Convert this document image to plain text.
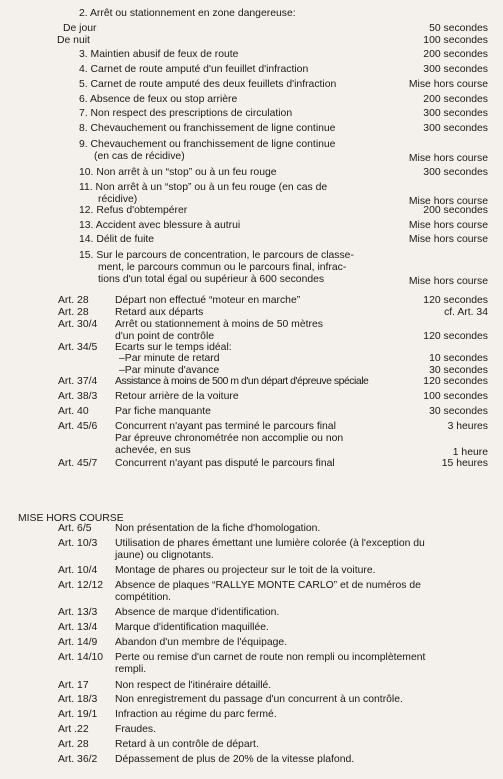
2. Arrêt ou stationnement en zone dangereuse:
De jour	50 secondes
De nuit	100 secondes
3. Maintien abusif de feux de route	200 secondes
4. Carnet de route amputé d'un feuillet d'infraction	300 secondes
5. Carnet de route amputé des deux feuillets d'infraction	Mise hors course
6. Absence de feux ou stop arrière	200 secondes
7. Non respect des prescriptions de circulation	300 secondes
8. Chevauchement ou franchissement de ligne continue	300 secondes
9. Chevauchement ou franchissement de ligne continue
(en cas de récidive)	Mise hors course
10. Non arrêt à un “stop” ou à un feu rouge	300 secondes
11. Non arrêt à un “stop” ou à un feu rouge (en cas de
récidive)	Mise hors course
12. Refus d'obtempérer	200 secondes
13. Accident avec blessure à autrui	Mise hors course
14. Délit de fuite	Mise hors course
15. Sur le parcours de concentration, le parcours de classe-
ment, le parcours commun ou le parcours final, infrac-
tions d'un total égal ou supérieur à 600 secondes	Mise hors course
Art. 28	Départ non effectué “moteur en marche”	120 secondes
Art. 28	Retard aux départs	cf. Art. 34
Art. 30/4 Arrêt ou stationnement à moins de 50 mètres
d'un point de contrôle	120 secondes
Art. 34/5 Ecarts sur le temps idéal:
–Par minute de retard	10 secondes
–Par minute d'avance	30 secondes
Art. 37/4 Assistance à moins de 500 m d'un départ d'épreuve spéciale	120 secondes
Art. 38/3 Retour arrière de la voiture	100 secondes
Art. 40	Par fiche manquante	30 secondes
Art. 45/6 Concurrent n'ayant pas terminé le parcours final	3 heures
Par épreuve chronométrée non accomplie ou non
achevée, en sus	1 heure
Art. 45/7 Concurrent n'ayant pas disputé le parcours final	15 heures
MISE HORS COURSE
Art. 6/5 Non présentation de la fiche d'homologation.
Art. 10/3 Utilisation de phares émettant une lumière colorée (à l'exception du
jaune) ou clignotants.
Art. 10/4 Montage de phares ou projecteur sur le toit de la voiture.
Art. 12/12 Absence de plaques “RALLYE MONTE CARLO” et de numéros de
compétition.
Art. 13/3 Absence de marque d'identification.
Art. 13/4 Marque d'identification maquillée.
Art. 14/9 Abandon d'un membre de l'équipage.
Art. 14/10 Perte ou remise d'un carnet de route non rempli ou incomplètement
rempli.
Art. 17	Non respect de l'itinéraire détaillé.
Art. 18/3 Non enregistrement du passage d'un concurrent à un contrôle.
Art. 19/1 Infraction au régime du parc fermé.
Art .22	Fraudes.
Art. 28	Retard à un contrôle de départ.
Art. 36/2 Dépassement de plus de 20% de la vitesse plafond.
